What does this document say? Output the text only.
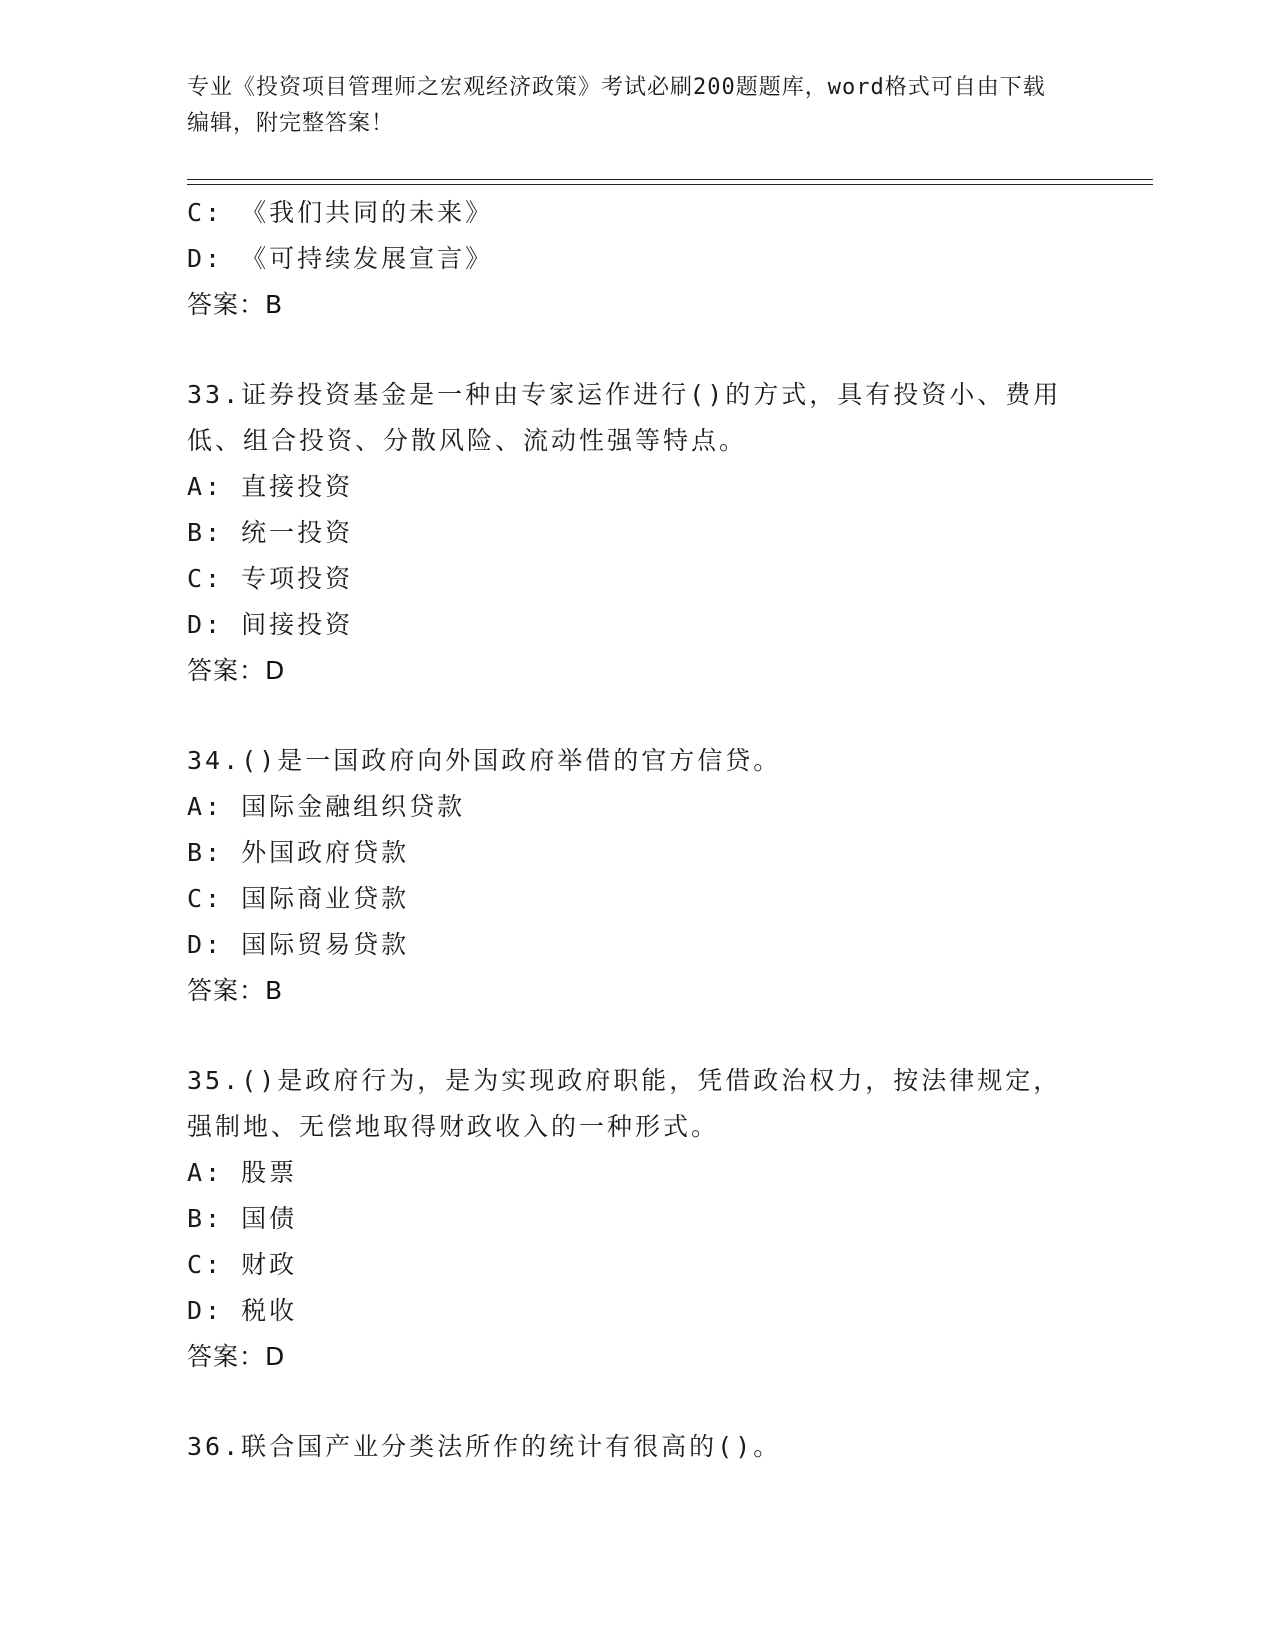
专业《投资项目管理师之宏观经济政策》考试必刷200题题库，word格式可自由下载编辑，附完整答案！
C: 《我们共同的未来》
D: 《可持续发展宣言》
答案：B
33.证券投资基金是一种由专家运作进行()的方式，具有投资小、费用低、组合投资、分散风险、流动性强等特点。
A: 直接投资
B: 统一投资
C: 专项投资
D: 间接投资
答案：D
34.()是一国政府向外国政府举借的官方信贷。
A: 国际金融组织贷款
B: 外国政府贷款
C: 国际商业贷款
D: 国际贸易贷款
答案：B
35.()是政府行为，是为实现政府职能，凭借政治权力，按法律规定，强制地、无偿地取得财政收入的一种形式。
A: 股票
B: 国债
C: 财政
D: 税收
答案：D
36.联合国产业分类法所作的统计有很高的()。
